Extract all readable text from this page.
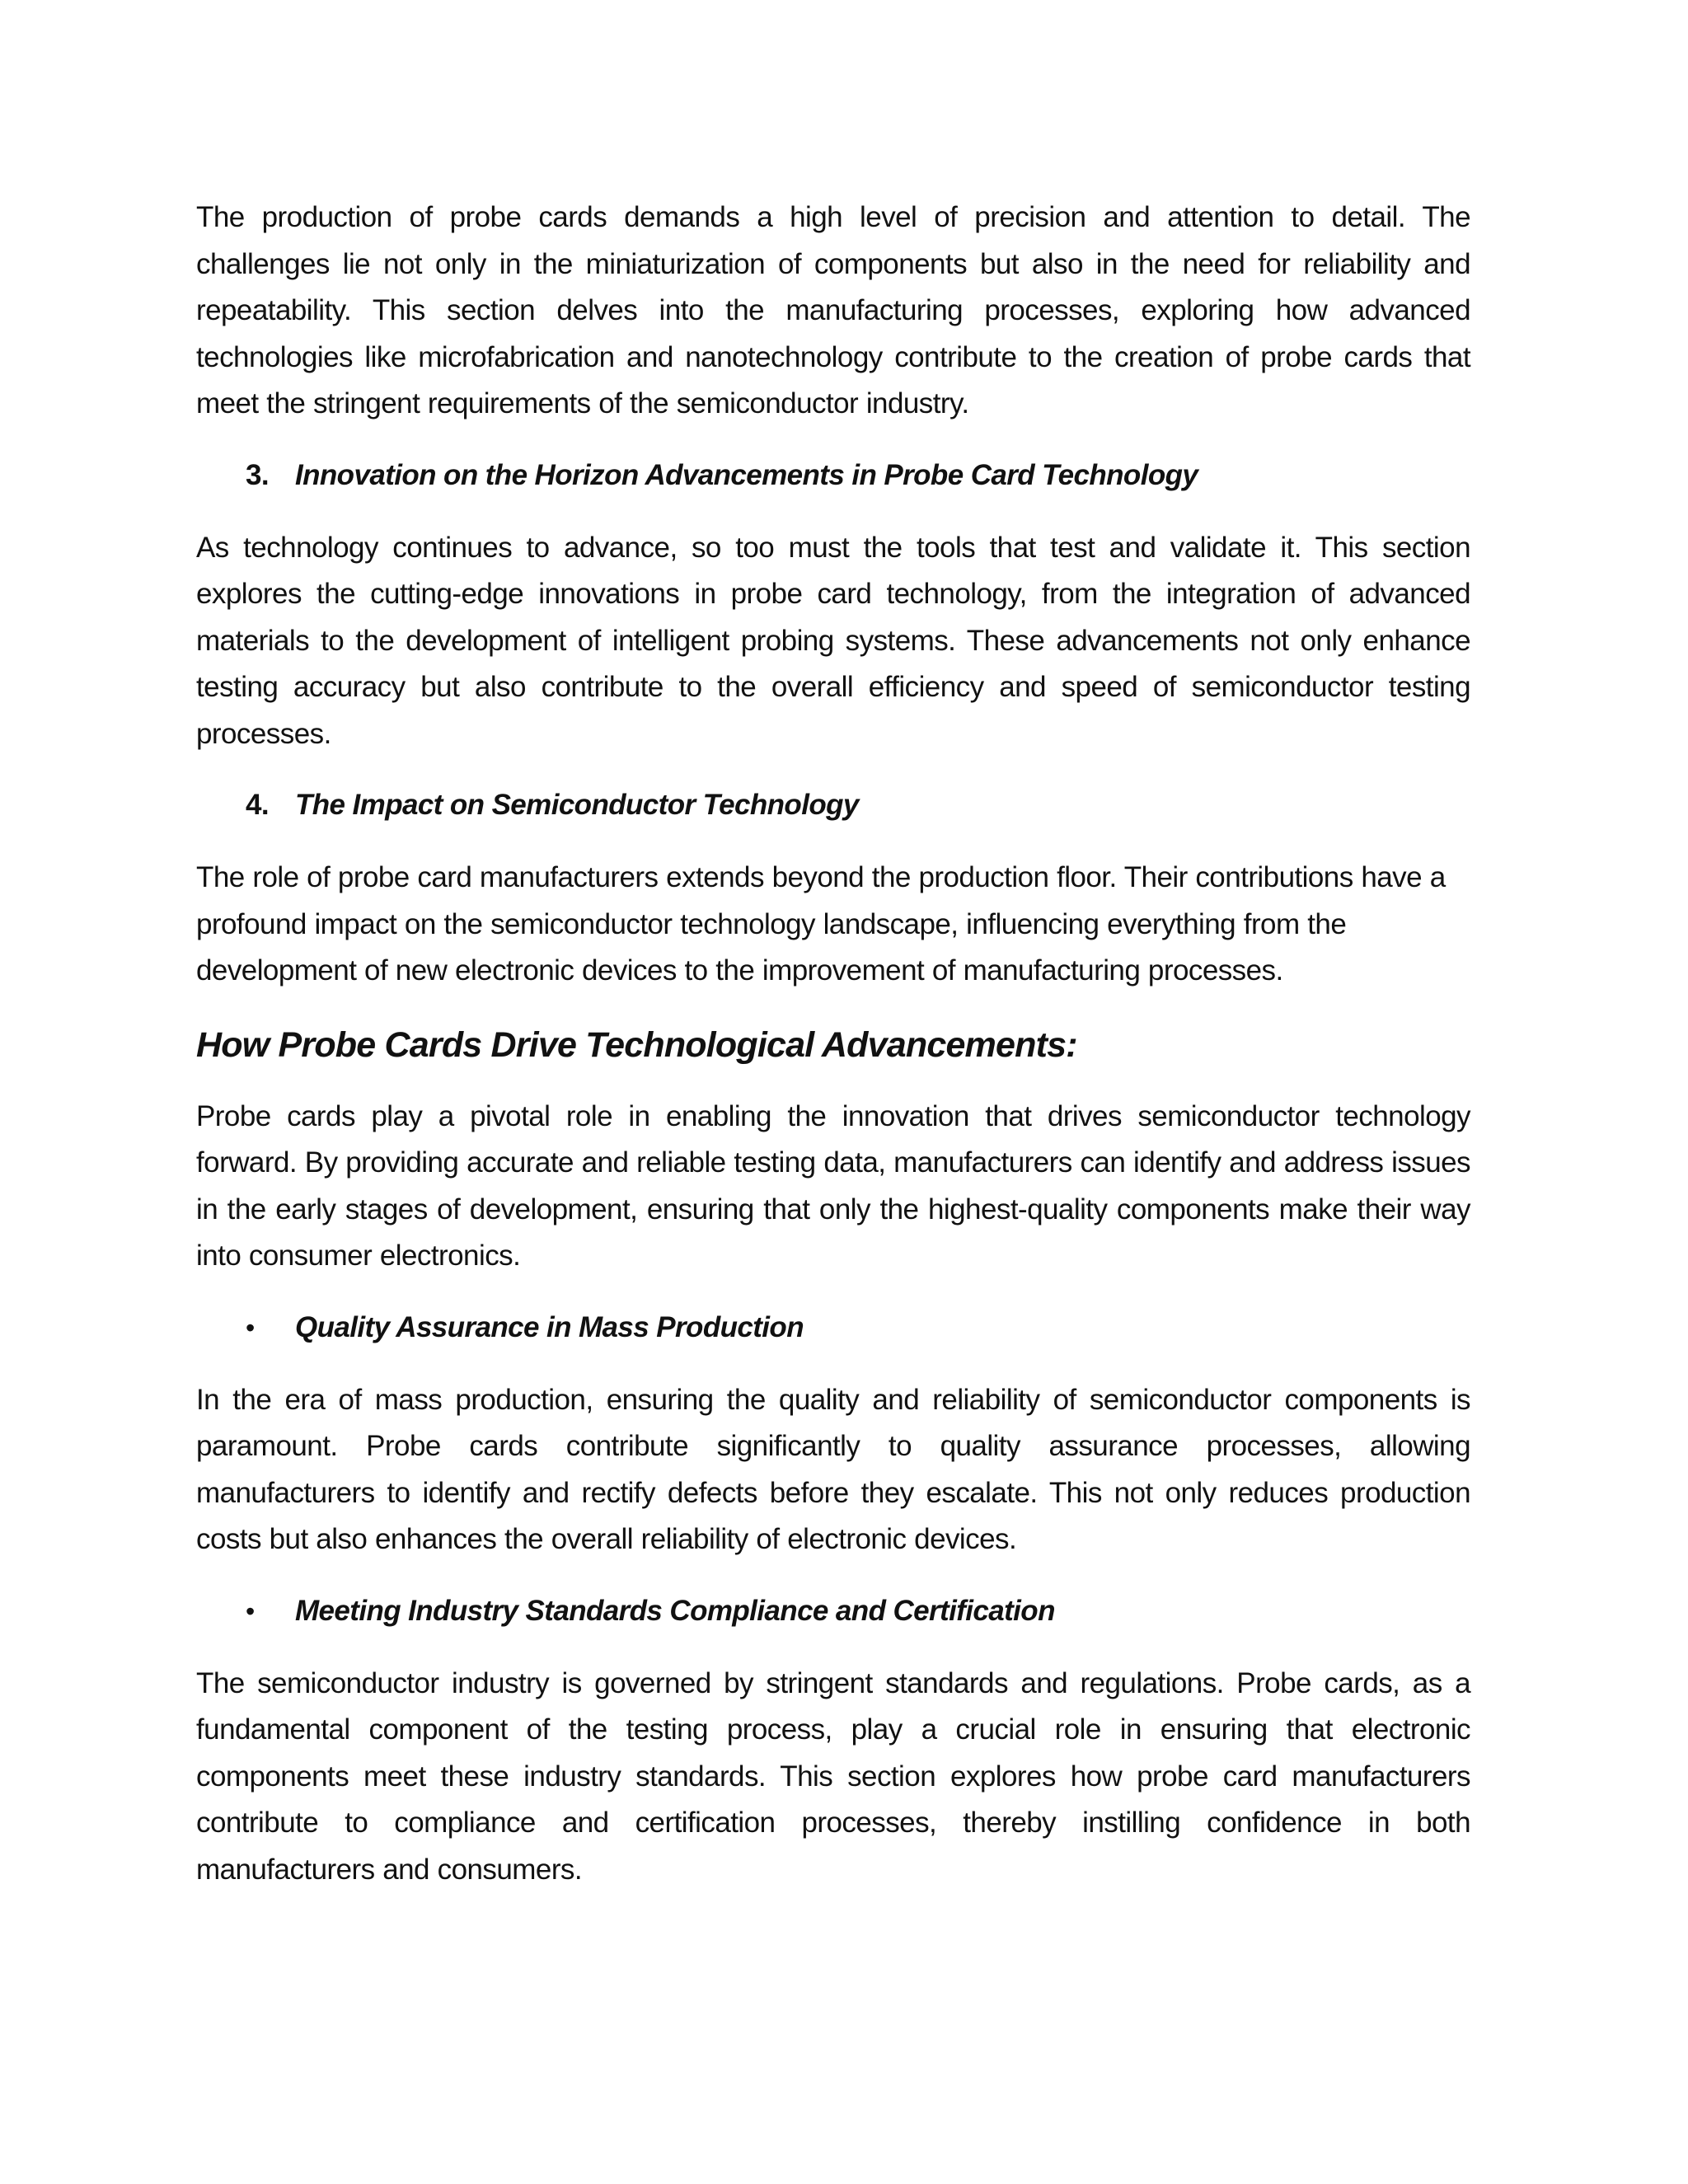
The production of probe cards demands a high level of precision and attention to detail. The challenges lie not only in the miniaturization of components but also in the need for reliability and repeatability. This section delves into the manufacturing processes, exploring how advanced technologies like microfabrication and nanotechnology contribute to the creation of probe cards that meet the stringent requirements of the semiconductor industry.

3. Innovation on the Horizon Advancements in Probe Card Technology

As technology continues to advance, so too must the tools that test and validate it. This section explores the cutting-edge innovations in probe card technology, from the integration of advanced materials to the development of intelligent probing systems. These advancements not only enhance testing accuracy but also contribute to the overall efficiency and speed of semiconductor testing processes.

4. The Impact on Semiconductor Technology

The role of probe card manufacturers extends beyond the production floor. Their contributions have a profound impact on the semiconductor technology landscape, influencing everything from the development of new electronic devices to the improvement of manufacturing processes.

How Probe Cards Drive Technological Advancements:

Probe cards play a pivotal role in enabling the innovation that drives semiconductor technology forward. By providing accurate and reliable testing data, manufacturers can identify and address issues in the early stages of development, ensuring that only the highest-quality components make their way into consumer electronics.

•	Quality Assurance in Mass Production

In the era of mass production, ensuring the quality and reliability of semiconductor components is paramount. Probe cards contribute significantly to quality assurance processes, allowing manufacturers to identify and rectify defects before they escalate. This not only reduces production costs but also enhances the overall reliability of electronic devices.

•	Meeting Industry Standards Compliance and Certification

The semiconductor industry is governed by stringent standards and regulations. Probe cards, as a fundamental component of the testing process, play a crucial role in ensuring that electronic components meet these industry standards. This section explores how probe card manufacturers contribute to compliance and certification processes, thereby instilling confidence in both manufacturers and consumers.
